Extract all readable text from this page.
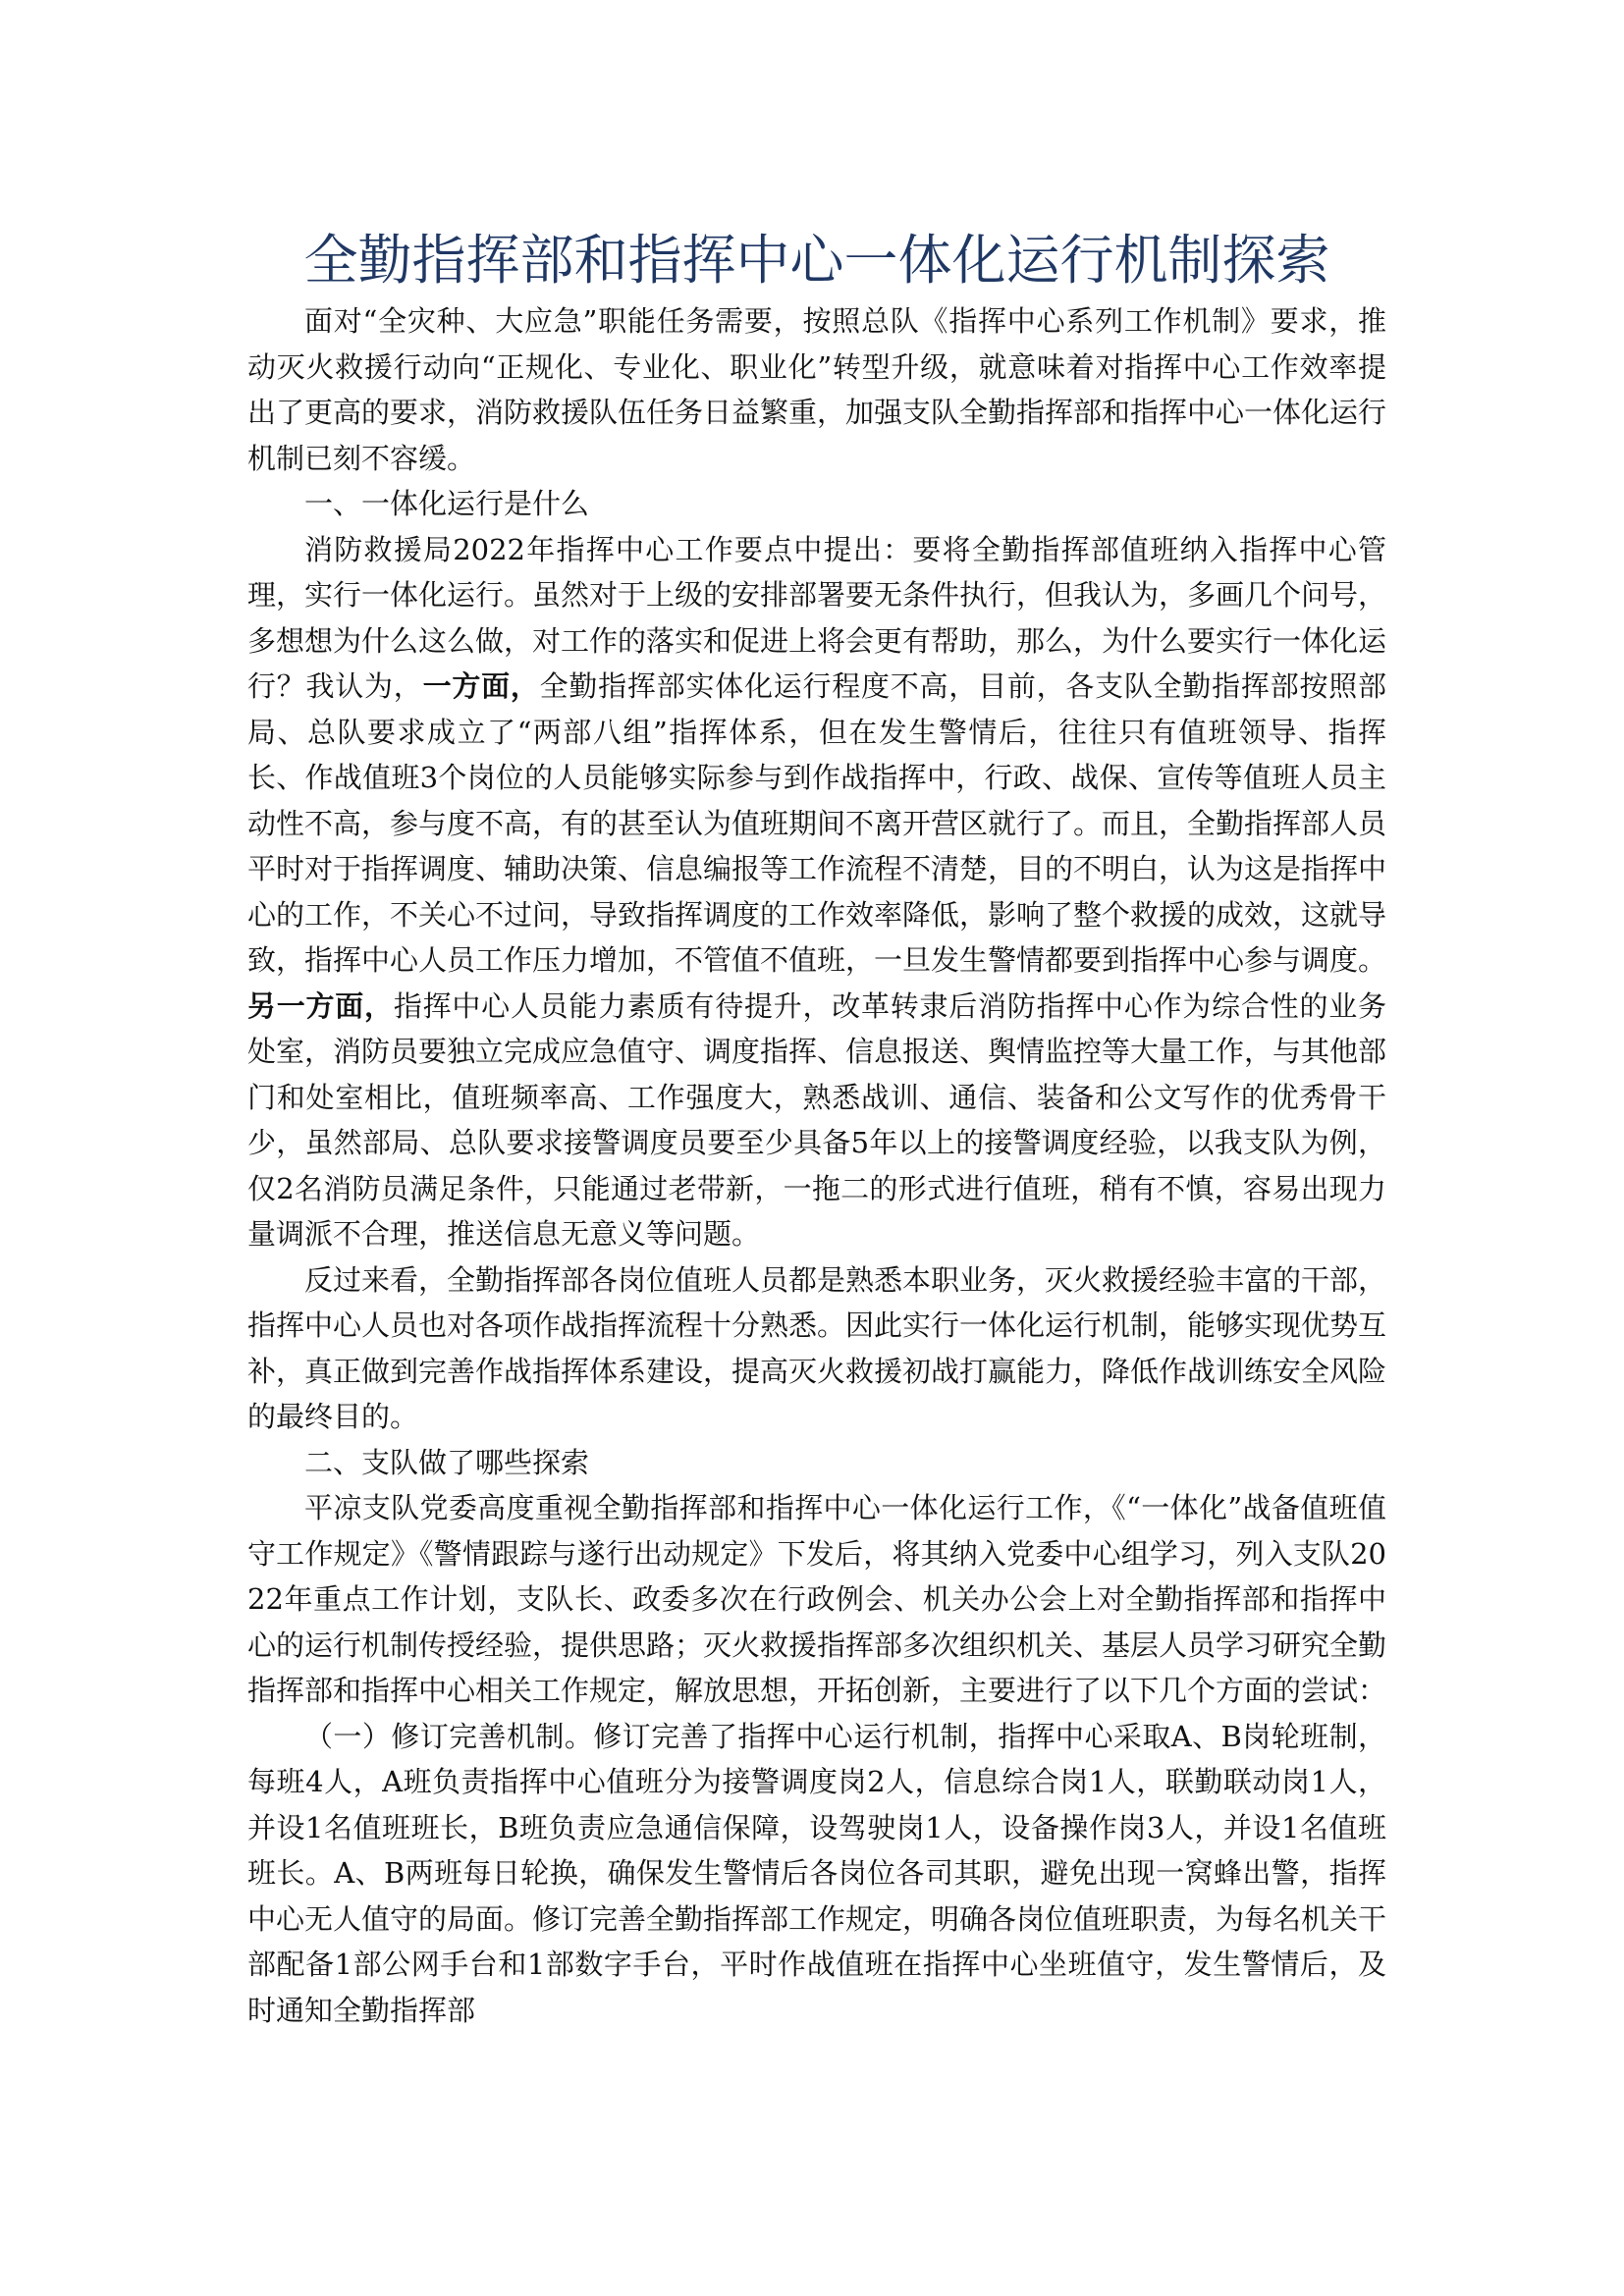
全勤指挥部和指挥中心一体化运行机制探索

面对“全灾种、大应急”职能任务需要，按照总队《指挥中心系列工作机制》要求，推动灭火救援行动向“正规化、专业化、职业化”转型升级，就意味着对指挥中心工作效率提出了更高的要求，消防救援队伍任务日益繁重，加强支队全勤指挥部和指挥中心一体化运行机制已刻不容缓。

一、一体化运行是什么

消防救援局2022年指挥中心工作要点中提出：要将全勤指挥部值班纳入指挥中心管理，实行一体化运行。虽然对于上级的安排部署要无条件执行，但我认为，多画几个问号，多想想为什么这么做，对工作的落实和促进上将会更有帮助，那么，为什么要实行一体化运行？我认为，一方面，全勤指挥部实体化运行程度不高，目前，各支队全勤指挥部按照部局、总队要求成立了“两部八组”指挥体系，但在发生警情后，往往只有值班领导、指挥长、作战值班3个岗位的人员能够实际参与到作战指挥中，行政、战保、宣传等值班人员主动性不高，参与度不高，有的甚至认为值班期间不离开营区就行了。而且，全勤指挥部人员平时对于指挥调度、辅助决策、信息编报等工作流程不清楚，目的不明白，认为这是指挥中心的工作，不关心不过问，导致指挥调度的工作效率降低，影响了整个救援的成效，这就导致，指挥中心人员工作压力增加，不管值不值班，一旦发生警情都要到指挥中心参与调度。另一方面，指挥中心人员能力素质有待提升，改革转隶后消防指挥中心作为综合性的业务处室，消防员要独立完成应急值守、调度指挥、信息报送、舆情监控等大量工作，与其他部门和处室相比，值班频率高、工作强度大，熟悉战训、通信、装备和公文写作的优秀骨干少，虽然部局、总队要求接警调度员要至少具备5年以上的接警调度经验，以我支队为例，仅2名消防员满足条件，只能通过老带新，一拖二的形式进行值班，稍有不慎，容易出现力量调派不合理，推送信息无意义等问题。

反过来看，全勤指挥部各岗位值班人员都是熟悉本职业务，灭火救援经验丰富的干部，指挥中心人员也对各项作战指挥流程十分熟悉。因此实行一体化运行机制，能够实现优势互补，真正做到完善作战指挥体系建设，提高灭火救援初战打赢能力，降低作战训练安全风险的最终目的。

二、支队做了哪些探索

平凉支队党委高度重视全勤指挥部和指挥中心一体化运行工作，《“一体化”战备值班值守工作规定》《警情跟踪与遂行出动规定》下发后，将其纳入党委中心组学习，列入支队2022年重点工作计划，支队长、政委多次在行政例会、机关办公会上对全勤指挥部和指挥中心的运行机制传授经验，提供思路；灭火救援指挥部多次组织机关、基层人员学习研究全勤指挥部和指挥中心相关工作规定，解放思想，开拓创新，主要进行了以下几个方面的尝试：

（一）修订完善机制。修订完善了指挥中心运行机制，指挥中心采取A、B岗轮班制，每班4人，A班负责指挥中心值班分为接警调度岗2人，信息综合岗1人，联勤联动岗1人，并设1名值班班长，B班负责应急通信保障，设驾驶岗1人，设备操作岗3人，并设1名值班班长。A、B两班每日轮换，确保发生警情后各岗位各司其职，避免出现一窝蜂出警，指挥中心无人值守的局面。修订完善全勤指挥部工作规定，明确各岗位值班职责，为每名机关干部配备1部公网手台和1部数字手台，平时作战值班在指挥中心坐班值守，发生警情后，及时通知全勤指挥部
